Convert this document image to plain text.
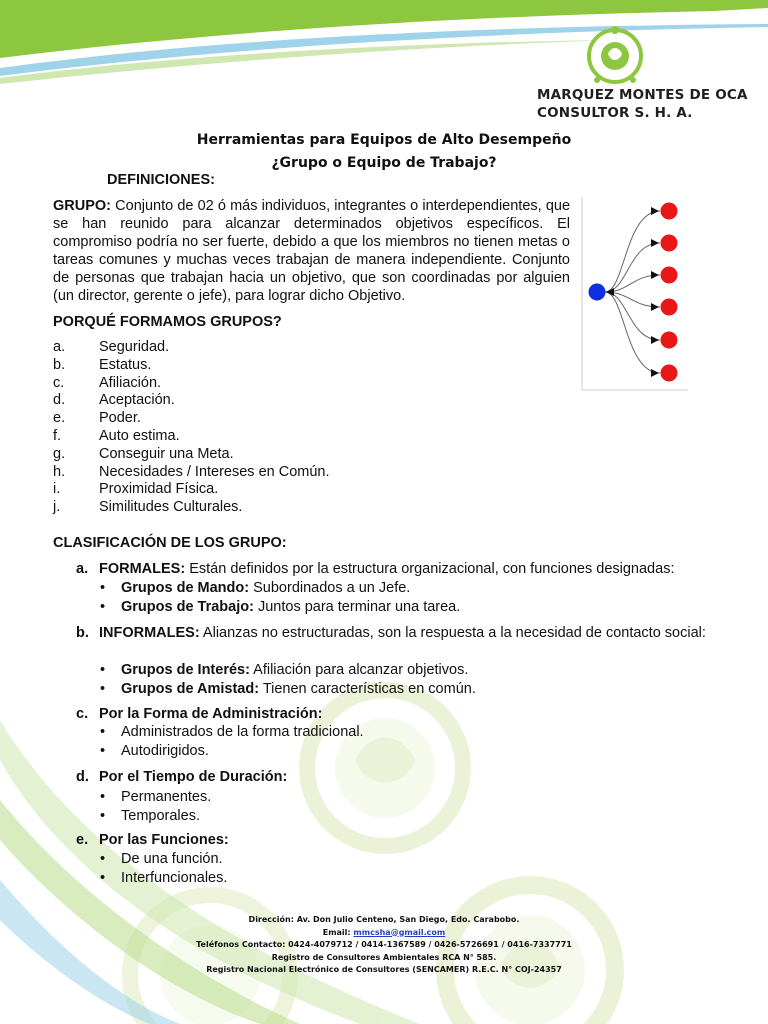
MARQUEZ MONTES DE OCA
CONSULTOR S. H. A.
Herramientas para Equipos de Alto Desempeño
¿Grupo o Equipo de Trabajo?
DEFINICIONES:
GRUPO: Conjunto de 02 ó más individuos, integrantes o interdependientes, que se han reunido para alcanzar determinados objetivos específicos. El compromiso podría no ser fuerte, debido a que los miembros no tienen metas o tareas comunes y muchas veces trabajan de manera independiente. Conjunto de personas que trabajan hacia un objetivo, que son coordinadas por alguien (un director, gerente o jefe), para lograr dicho Objetivo.
PORQUÉ FORMAMOS GRUPOS?
a.	Seguridad.
b.	Estatus.
c.	Afiliación.
d.	Aceptación.
e.	Poder.
f.	Auto estima.
g.	Conseguir una Meta.
h.	Necesidades / Intereses en Común.
i.	Proximidad Física.
j.	Similitudes Culturales.
CLASIFICACIÓN DE LOS GRUPO:
a. FORMALES: Están definidos por la estructura organizacional, con funciones designadas:
•	Grupos de Mando: Subordinados a un Jefe.
•	Grupos de Trabajo: Juntos para terminar una tarea.
b. INFORMALES: Alianzas no estructuradas, son la respuesta a la necesidad de contacto social:
•	Grupos de Interés: Afiliación para alcanzar objetivos.
•	Grupos de Amistad: Tienen características en común.
c. Por la Forma de Administración:
•	Administrados de la forma tradicional.
•	Autodirigidos.
d. Por el Tiempo de Duración:
•	Permanentes.
•	Temporales.
e. Por las Funciones:
•	De una función.
•	Interfuncionales.
Dirección: Av. Don Julio Centeno, San Diego, Edo. Carabobo.
Email: mmcsha@gmail.com
Teléfonos Contacto: 0424-4079712 / 0414-1367589 / 0426-5726691 / 0416-7337771
Registro de Consultores Ambientales RCA N° 585.
Registro Nacional Electrónico de Consultores (SENCAMER) R.E.C. N° COJ-24357
